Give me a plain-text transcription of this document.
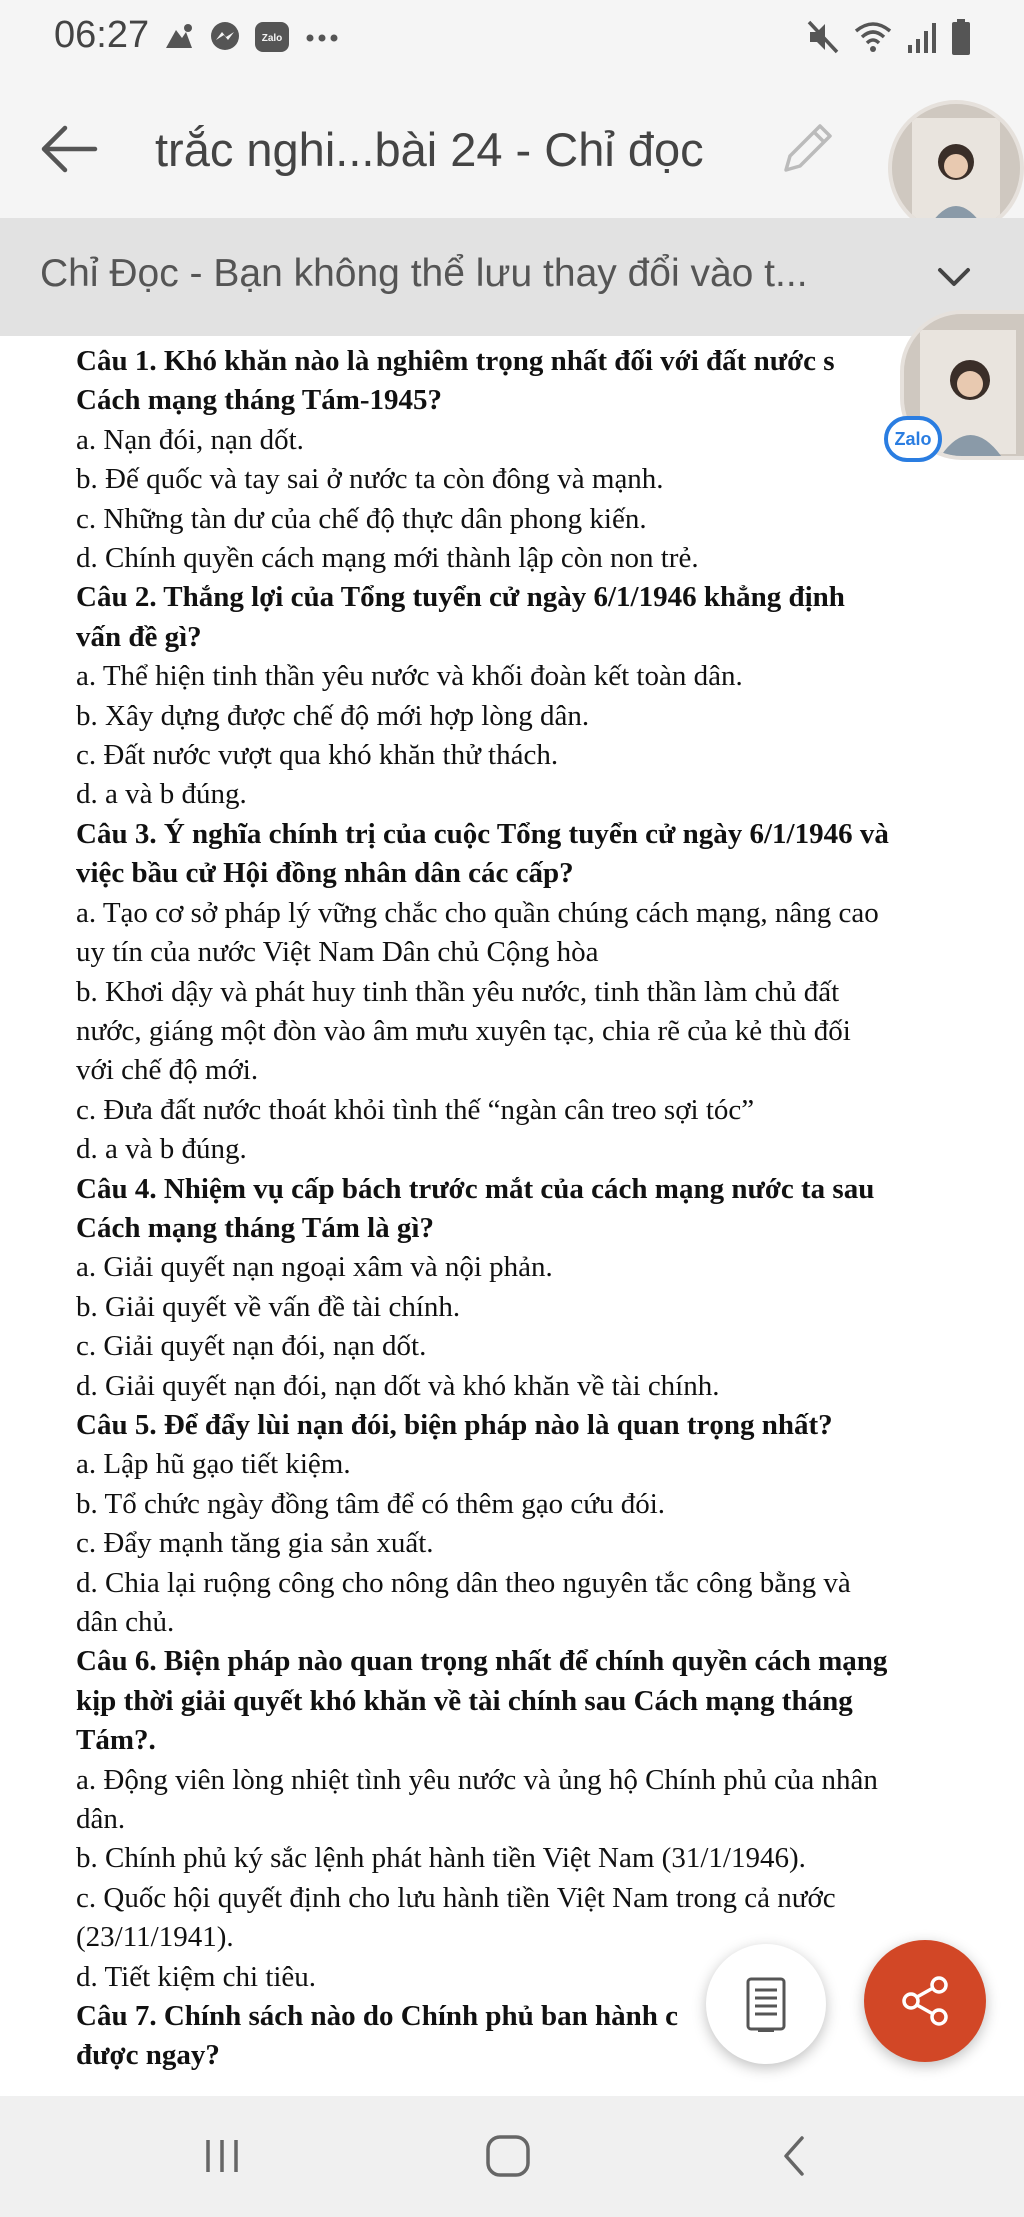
06:27	Zalo
trắc nghi...bài 24 - Chỉ đọc
Chỉ Đọc - Bạn không thể lưu thay đổi vào t...
Câu 1. Khó khăn nào là nghiêm trọng nhất đối với đất nước s
Cách mạng tháng Tám-1945?
a. Nạn đói, nạn dốt.
b. Đế quốc và tay sai ở nước ta còn đông và mạnh.
c. Những tàn dư của chế độ thực dân phong kiến.
d. Chính quyền cách mạng mới thành lập còn non trẻ.
Câu 2. Thắng lợi của Tổng tuyển cử ngày 6/1/1946 khẳng định
vấn đề gì?
a. Thể hiện tinh thần yêu nước và khối đoàn kết toàn dân.
b. Xây dựng được chế độ mới hợp lòng dân.
c. Đất nước vượt qua khó khăn thử thách.
d. a và b đúng.
Câu 3. Ý nghĩa chính trị của cuộc Tổng tuyển cử ngày 6/1/1946 và
việc bầu cử Hội đồng nhân dân các cấp?
a. Tạo cơ sở pháp lý vững chắc cho quần chúng cách mạng, nâng cao
uy tín của nước Việt Nam Dân chủ Cộng hòa
b. Khơi dậy và phát huy tinh thần yêu nước, tinh thần làm chủ đất
nước, giáng một đòn vào âm mưu xuyên tạc, chia rẽ của kẻ thù đối
với chế độ mới.
c. Đưa đất nước thoát khỏi tình thế “ngàn cân treo sợi tóc”
d. a và b đúng.
Câu 4. Nhiệm vụ cấp bách trước mắt của cách mạng nước ta sau
Cách mạng tháng Tám là gì?
a. Giải quyết nạn ngoại xâm và nội phản.
b. Giải quyết về vấn đề tài chính.
c. Giải quyết nạn đói, nạn dốt.
d. Giải quyết nạn đói, nạn dốt và khó khăn về tài chính.
Câu 5. Để đẩy lùi nạn đói, biện pháp nào là quan trọng nhất?
a. Lập hũ gạo tiết kiệm.
b. Tổ chức ngày đồng tâm để có thêm gạo cứu đói.
c. Đẩy mạnh tăng gia sản xuất.
d. Chia lại ruộng công cho nông dân theo nguyên tắc công bằng và
dân chủ.
Câu 6. Biện pháp nào quan trọng nhất để chính quyền cách mạng
kịp thời giải quyết khó khăn về tài chính sau Cách mạng tháng
Tám?.
a. Động viên lòng nhiệt tình yêu nước và ủng hộ Chính phủ của nhân
dân.
b. Chính phủ ký sắc lệnh phát hành tiền Việt Nam (31/1/1946).
c. Quốc hội quyết định cho lưu hành tiền Việt Nam trong cả nước
(23/11/1941).
d. Tiết kiệm chi tiêu.
Câu 7. Chính sách nào do Chính phủ ban hành c
được ngay?
Zalo
